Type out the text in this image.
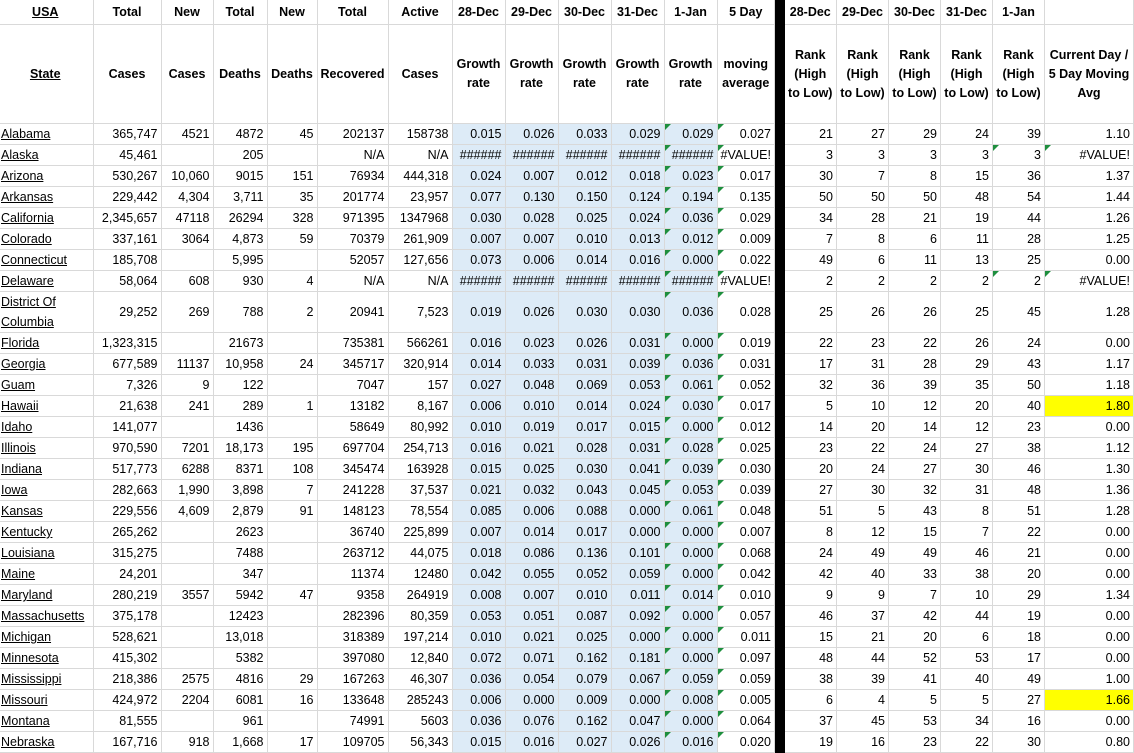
USA	Total	New	Total	New	Total	Active	28-Dec	29-Dec	30-Dec	31-Dec	1-Jan	5 Day		28-Dec	29-Dec	30-Dec	31-Dec	1-Jan	
State	Cases	Cases	Deaths	Deaths	Recovered	Cases	Growth rate	Growth rate	Growth rate	Growth rate	Growth rate	moving average		Rank (High to Low)	Rank (High to Low)	Rank (High to Low)	Rank (High to Low)	Rank (High to Low)	Current Day / 5 Day Moving Avg
Alabama	365,747	4521	4872	45	202137	158738	0.015	0.026	0.033	0.029	0.029	0.027		21	27	29	24	39	1.10
Alaska	45,461		205		N/A	N/A	######	######	######	######	######	#VALUE!		3	3	3	3	3	#VALUE!
Arizona	530,267	10,060	9015	151	76934	444,318	0.024	0.007	0.012	0.018	0.023	0.017		30	7	8	15	36	1.37
Arkansas	229,442	4,304	3,711	35	201774	23,957	0.077	0.130	0.150	0.124	0.194	0.135		50	50	50	48	54	1.44
California	2,345,657	47118	26294	328	971395	1347968	0.030	0.028	0.025	0.024	0.036	0.029		34	28	21	19	44	1.26
Colorado	337,161	3064	4,873	59	70379	261,909	0.007	0.007	0.010	0.013	0.012	0.009		7	8	6	11	28	1.25
Connecticut	185,708		5,995		52057	127,656	0.073	0.006	0.014	0.016	0.000	0.022		49	6	11	13	25	0.00
Delaware	58,064	608	930	4	N/A	N/A	######	######	######	######	######	#VALUE!		2	2	2	2	2	#VALUE!
District Of Columbia	29,252	269	788	2	20941	7,523	0.019	0.026	0.030	0.030	0.036	0.028		25	26	26	25	45	1.28
Florida	1,323,315		21673		735381	566261	0.016	0.023	0.026	0.031	0.000	0.019		22	23	22	26	24	0.00
Georgia	677,589	11137	10,958	24	345717	320,914	0.014	0.033	0.031	0.039	0.036	0.031		17	31	28	29	43	1.17
Guam	7,326	9	122		7047	157	0.027	0.048	0.069	0.053	0.061	0.052		32	36	39	35	50	1.18
Hawaii	21,638	241	289	1	13182	8,167	0.006	0.010	0.014	0.024	0.030	0.017		5	10	12	20	40	1.80
Idaho	141,077		1436		58649	80,992	0.010	0.019	0.017	0.015	0.000	0.012		14	20	14	12	23	0.00
Illinois	970,590	7201	18,173	195	697704	254,713	0.016	0.021	0.028	0.031	0.028	0.025		23	22	24	27	38	1.12
Indiana	517,773	6288	8371	108	345474	163928	0.015	0.025	0.030	0.041	0.039	0.030		20	24	27	30	46	1.30
Iowa	282,663	1,990	3,898	7	241228	37,537	0.021	0.032	0.043	0.045	0.053	0.039		27	30	32	31	48	1.36
Kansas	229,556	4,609	2,879	91	148123	78,554	0.085	0.006	0.088	0.000	0.061	0.048		51	5	43	8	51	1.28
Kentucky	265,262		2623		36740	225,899	0.007	0.014	0.017	0.000	0.000	0.007		8	12	15	7	22	0.00
Louisiana	315,275		7488		263712	44,075	0.018	0.086	0.136	0.101	0.000	0.068		24	49	49	46	21	0.00
Maine	24,201		347		11374	12480	0.042	0.055	0.052	0.059	0.000	0.042		42	40	33	38	20	0.00
Maryland	280,219	3557	5942	47	9358	264919	0.008	0.007	0.010	0.011	0.014	0.010		9	9	7	10	29	1.34
Massachusetts	375,178		12423		282396	80,359	0.053	0.051	0.087	0.092	0.000	0.057		46	37	42	44	19	0.00
Michigan	528,621		13,018		318389	197,214	0.010	0.021	0.025	0.000	0.000	0.011		15	21	20	6	18	0.00
Minnesota	415,302		5382		397080	12,840	0.072	0.071	0.162	0.181	0.000	0.097		48	44	52	53	17	0.00
Mississippi	218,386	2575	4816	29	167263	46,307	0.036	0.054	0.079	0.067	0.059	0.059		38	39	41	40	49	1.00
Missouri	424,972	2204	6081	16	133648	285243	0.006	0.000	0.009	0.000	0.008	0.005		6	4	5	5	27	1.66
Montana	81,555		961		74991	5603	0.036	0.076	0.162	0.047	0.000	0.064		37	45	53	34	16	0.00
Nebraska	167,716	918	1,668	17	109705	56,343	0.015	0.016	0.027	0.026	0.016	0.020		19	16	23	22	30	0.80
